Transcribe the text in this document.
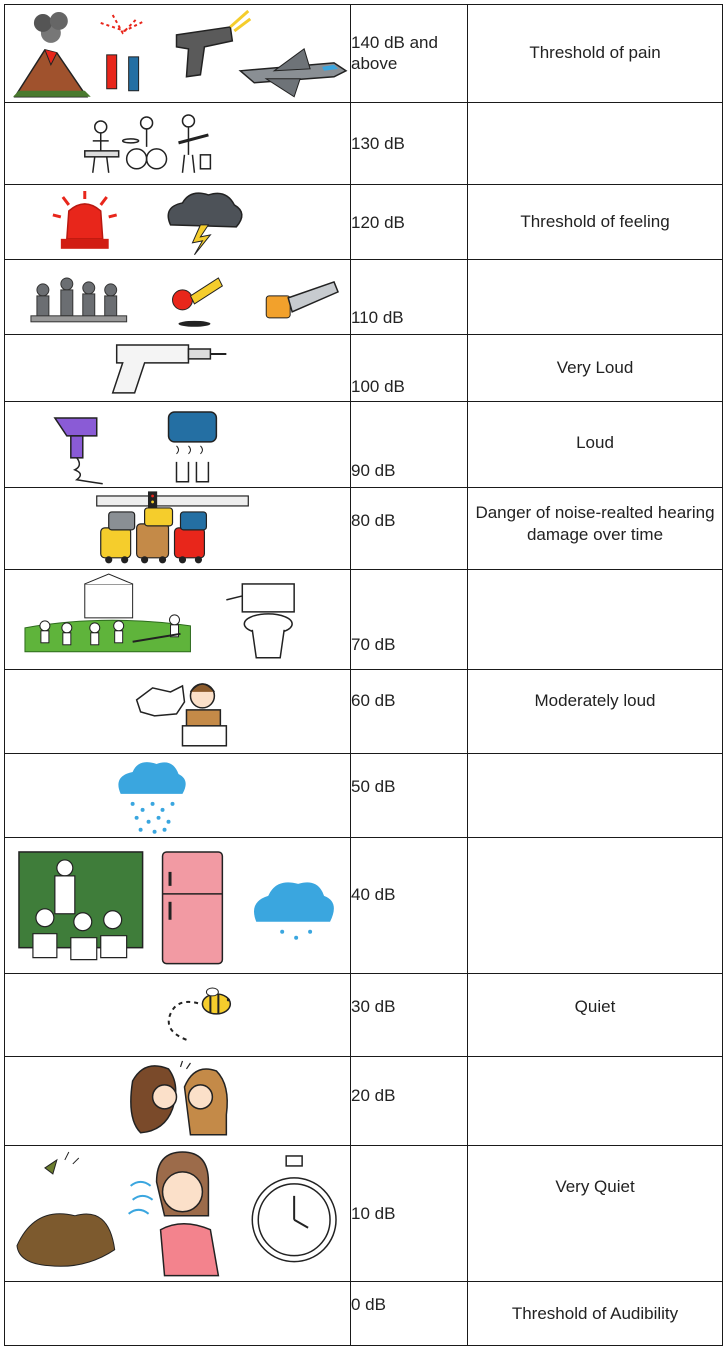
140 dB and above	Threshold of pain

130 dB	

120 dB	Threshold of feeling

110 dB	

100 dB	Very Loud

90 dB	Loud

80 dB	Danger of noise-realted hearing damage over time

70 dB	

60 dB	Moderately loud

50 dB	

40 dB	

30 dB	Quiet

20 dB	

10 dB	Very Quiet

	0 dB	Threshold of Audibility
